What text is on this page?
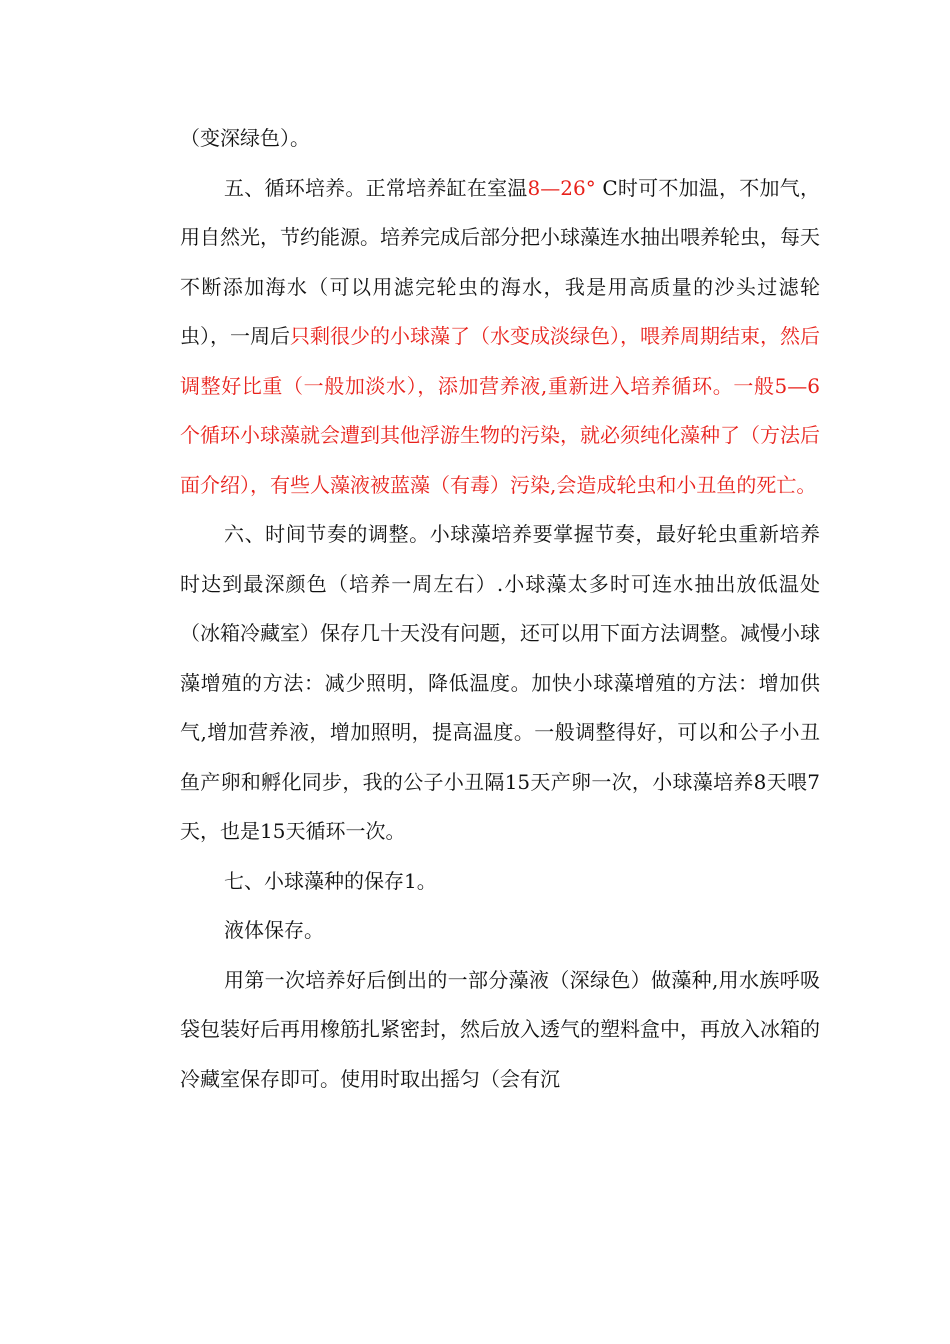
（变深绿色）。

五、循环培养。正常培养缸在室温8—26° C时可不加温，不加气，用自然光，节约能源。培养完成后部分把小球藻连水抽出喂养轮虫，每天不断添加海水（可以用滤完轮虫的海水，我是用高质量的沙头过滤轮虫），一周后只剩很少的小球藻了（水变成淡绿色），喂养周期结束，然后调整好比重（一般加淡水），添加营养液,重新进入培养循环。一般5—6个循环小球藻就会遭到其他浮游生物的污染，就必须纯化藻种了（方法后面介绍），有些人藻液被蓝藻（有毒）污染,会造成轮虫和小丑鱼的死亡。

六、时间节奏的调整。小球藻培养要掌握节奏，最好轮虫重新培养时达到最深颜色（培养一周左右）.小球藻太多时可连水抽出放低温处（冰箱冷藏室）保存几十天没有问题，还可以用下面方法调整。减慢小球藻增殖的方法：减少照明，降低温度。加快小球藻增殖的方法：增加供气,增加营养液，增加照明，提高温度。一般调整得好，可以和公子小丑鱼产卵和孵化同步，我的公子小丑隔15天产卵一次，小球藻培养8天喂7天，也是15天循环一次。

七、小球藻种的保存1。

液体保存。

用第一次培养好后倒出的一部分藻液（深绿色）做藻种,用水族呼吸袋包装好后再用橡筋扎紧密封，然后放入透气的塑料盒中，再放入冰箱的冷藏室保存即可。使用时取出摇匀（会有沉
